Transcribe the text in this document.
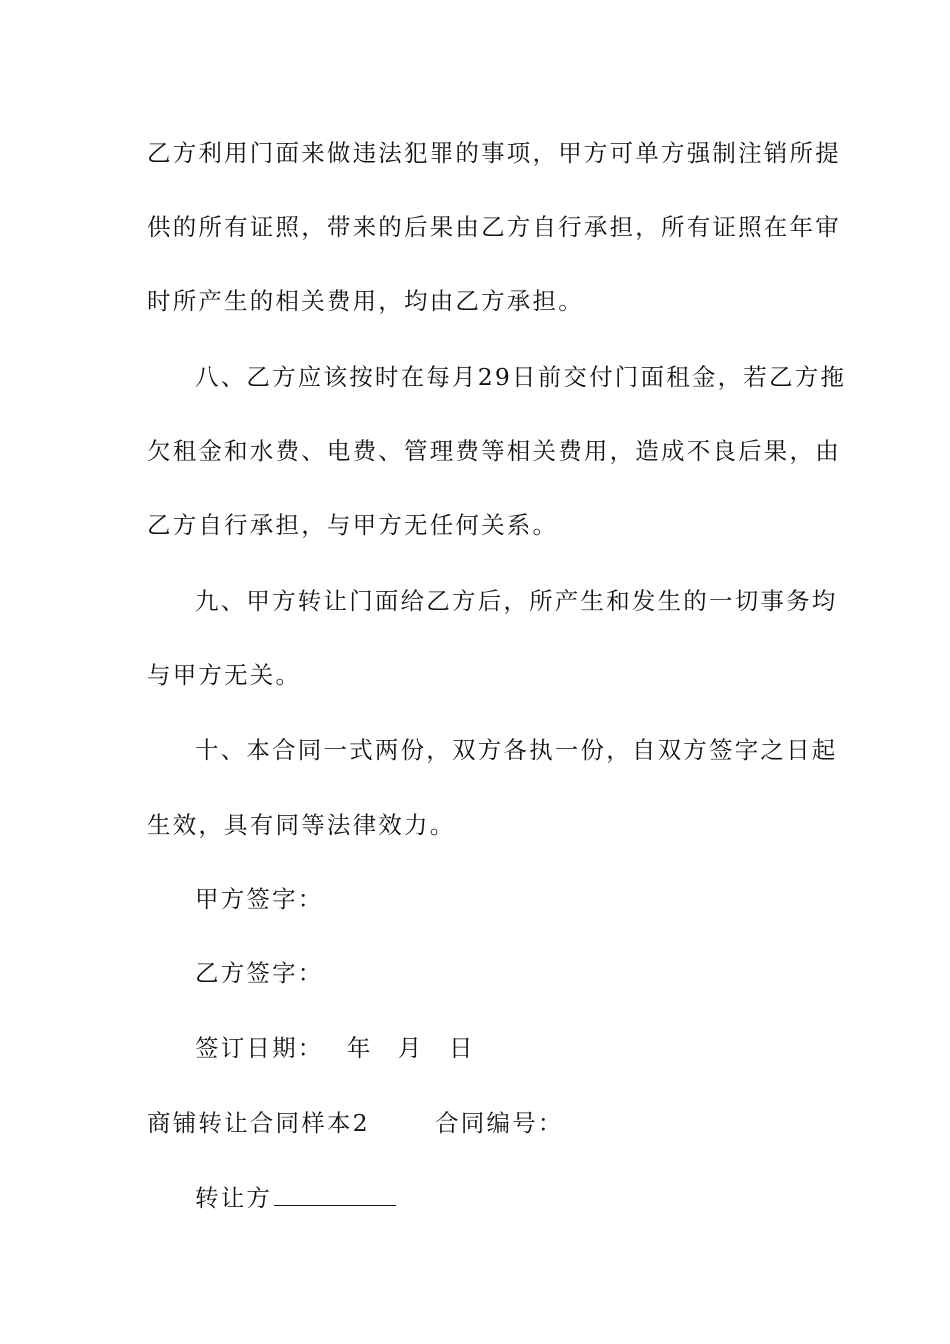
乙方利用门面来做违法犯罪的事项，甲方可单方强制注销所提
供的所有证照，带来的后果由乙方自行承担，所有证照在年审
时所产生的相关费用，均由乙方承担。
八、乙方应该按时在每月29日前交付门面租金，若乙方拖
欠租金和水费、电费、管理费等相关费用，造成不良后果，由
乙方自行承担，与甲方无任何关系。
九、甲方转让门面给乙方后，所产生和发生的一切事务均
与甲方无关。
十、本合同一式两份，双方各执一份，自双方签字之日起
生效，具有同等法律效力。
甲方签字：
乙方签字：
签订日期： 年 月 日
商铺转让合同样本2	合同编号：
转让方
